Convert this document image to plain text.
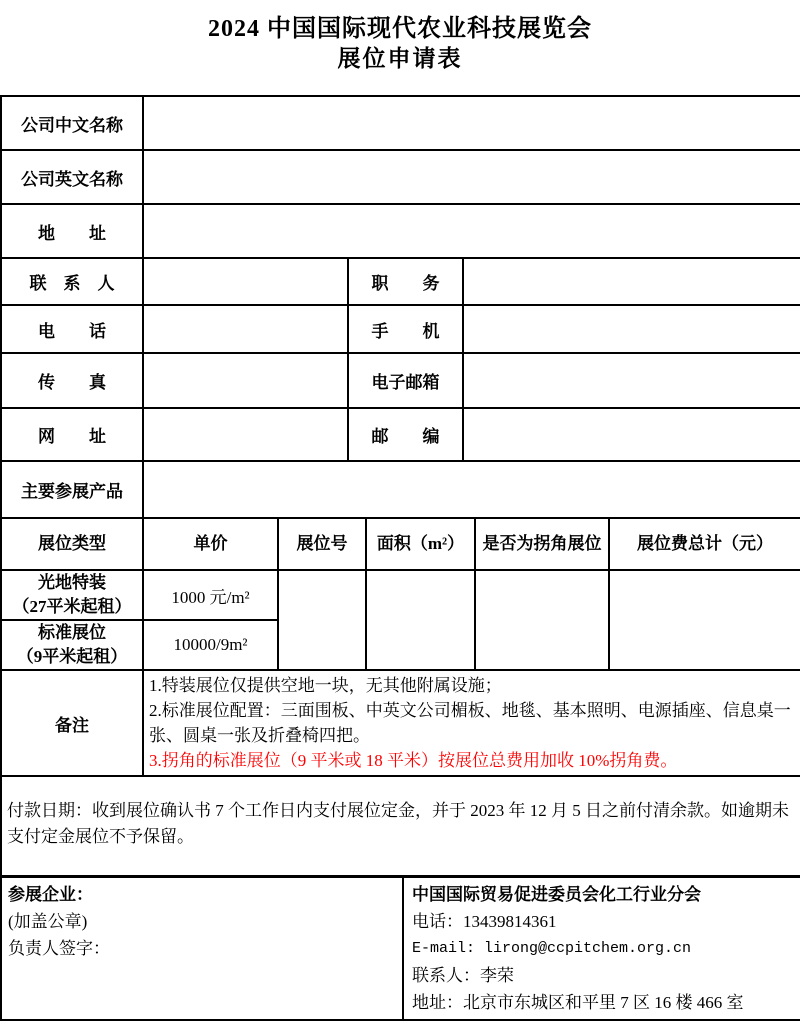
2024 中国国际现代农业科技展览会
展位申请表
公司中文名称								
公司英文名称								
地　　址								
联　系　人			职　　务					
电　　话			手　　机					
传　　真			电子邮箱					
网　　址			邮　　编					
主要参展产品								
展位类型	单价	展位号		面积（m²）			是否为拐角展位	展位费总计（元）

光地特装
（27平米起租）	1000 元/m²							

标准展位
（9平米起租）	10000/9m²							
备注	1.特装展位仅提供空地一块，无其他附属设施；
2.标准展位配置：三面围板、中英文公司楣板、地毯、基本照明、电源插座、信息桌一张、圆桌一张及折叠椅四把。
3.拐角的标准展位（9 平米或 18 平米）按展位总费用加收 10%拐角费。							

付款日期：收到展位确认书 7 个工作日内支付展位定金，并于 2023 年 12 月 5 日之前付清余款。如逾期未支付定金展位不予保留。								

参展企业：
(加盖公章)
负责人签字：

中国国际贸易促进委员会化工行业分会
电话：13439814361
E-mail: lirong@ccpitchem.org.cn
联系人：李荣
地址：北京市东城区和平里 7 区 16 楼 466 室
